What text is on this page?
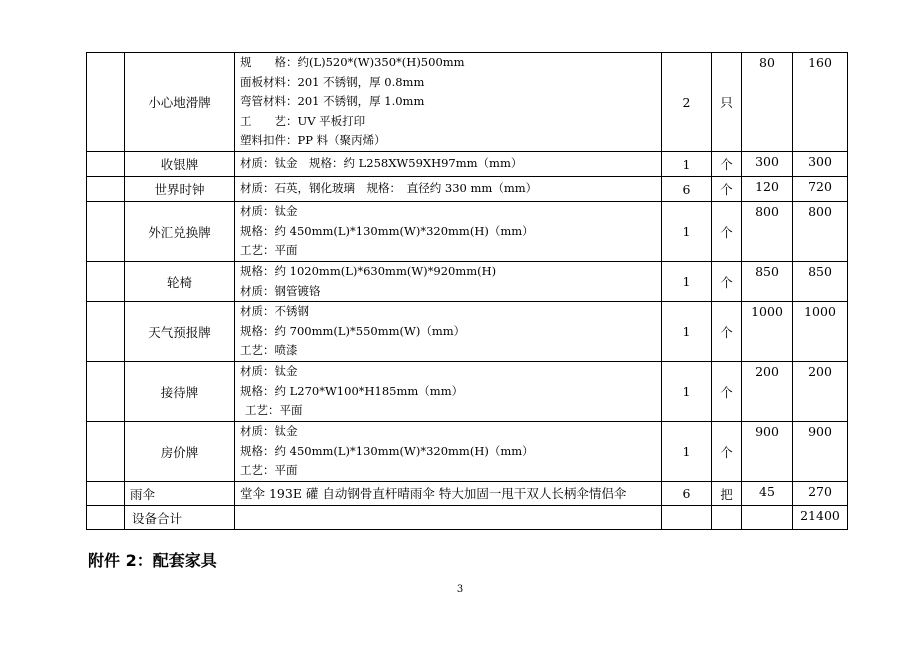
	小心地滑牌	规　　格：约(L)520*(W)350*(H)500mm
面板材料：201 不锈钢，厚 0.8mm
弯管材料：201 不锈钢，厚 1.0mm
工　　艺：UV 平板打印
塑料扣件：PP 料（聚丙烯）	2	只	80	160
	收银牌	材质：钛金　规格：约 L258XW59XH97mm（mm）	1	个	300	300
	世界时钟	材质：石英，钢化玻璃　规格：　直径约 330 mm（mm）	6	个	120	720
	外汇兑换牌	材质：钛金
规格：约 450mm(L)*130mm(W)*320mm(H)（mm）
工艺：平面	1	个	800	800
	轮椅	规格：约 1020mm(L)*630mm(W)*920mm(H)
材质：钢管镀铬	1	个	850	850
	天气预报牌	材质：不锈钢
规格：约 700mm(L)*550mm(W)（mm）
工艺：喷漆	1	个	1000	1000
	接待牌	材质：钛金
规格：约 L270*W100*H185mm（mm）
工艺：平面	1	个	200	200
	房价牌	材质：钛金
规格：约 450mm(L)*130mm(W)*320mm(H)（mm）
工艺：平面	1	个	900	900
	雨伞	堂伞 193E 礶 自动钢骨直杆晴雨伞 特大加固一甩干双人长柄伞情侣伞	6	把	45	270
	设备合计					21400
附件 2：配套家具
3
